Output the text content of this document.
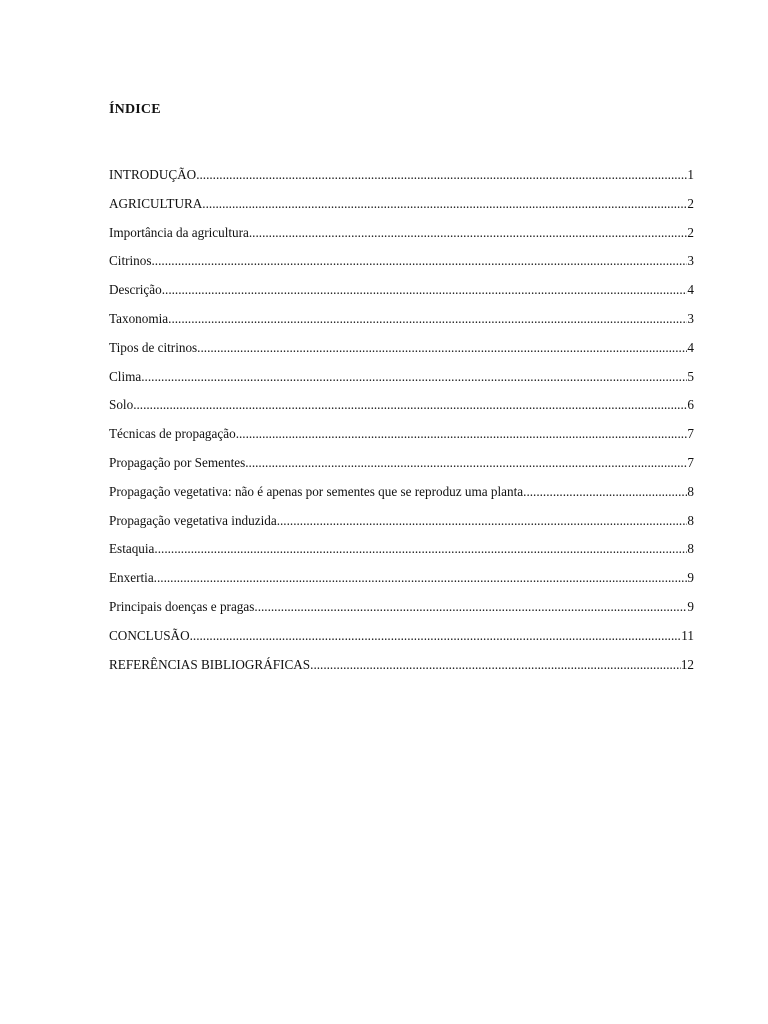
ÍNDICE
INTRODUÇÃO .....	1
AGRICULTURA .....	2
Importância da agricultura .....	2
Citrinos .....	3
Descrição .....	4
Taxonomia .....	3
Tipos de citrinos .....	4
Clima .....	5
Solo .....	6
Técnicas de propagação .....	7
Propagação por Sementes .....	7
Propagação vegetativa: não é apenas por sementes que se reproduz uma planta .....	8
Propagação vegetativa induzida .....	8
Estaquia .....	8
Enxertia .....	9
Principais doenças e pragas .....	9
CONCLUSÃO .....	11
REFERÊNCIAS BIBLIOGRÁFICAS .....	12
